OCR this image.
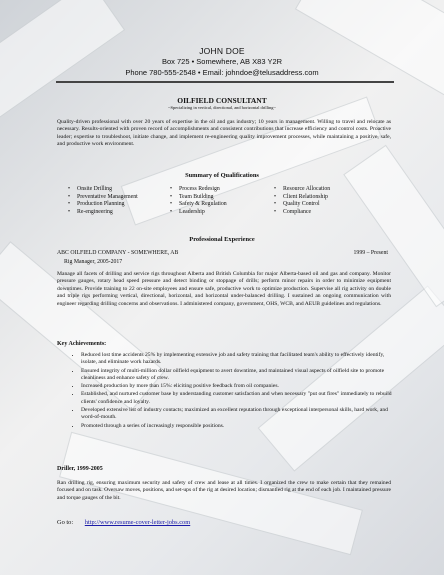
JOHN DOE
Box 725 • Somewhere, AB X83 Y2R
Phone 780-555-2548 • Email: johndoe@telusaddress.com
OILFIELD CONSULTANT
~Specializing in vertical, directional, and horizontal drilling~
Quality-driven professional with over 20 years of expertise in the oil and gas industry; 10 years in management. Willing to travel and relocate as necessary. Results-oriented with proven record of accomplishments and consistent contributions that increase efficiency and control costs. Proactive leader; expertise to troubleshoot, initiate change, and implement re-engineering quality improvement processes, while maintaining a positive, safe, and productive work environment.
Summary of Qualifications
• Onsite Drilling
• Preventative Management
• Production Planning
• Re-engineering
• Process Redesign
• Team Building
• Safety & Regulation
• Leadership
• Resource Allocation
• Client Relationship
• Quality Control
• Compliance
Professional Experience
ABC OILFIELD COMPANY - SOMEWHERE, AB	1999 – Present
Rig Manager, 2005-2017
Manage all facets of drilling and service rigs throughout Alberta and British Columbia for major Alberta-based oil and gas and company. Monitor pressure gauges, rotary head speed pressure and detect binding or stoppage of drills; perform minor repairs in order to minimize equipment downtimes. Provide training to 22 on-site employees and ensure safe, productive work to optimize production. Supervise all rig activity on double and triple rigs performing vertical, directional, horizontal, and horizontal under-balanced drilling. I sustained an ongoing communication with engineer regarding drilling concerns and observations. I administered company, government, OHS, WCB, and AEUB guidelines and regulations.
Key Achievements:
• Reduced lost time accidents 25% by implementing extensive job and safety training that facilitated team's ability to effectively identify, isolate, and eliminate work hazards.
• Ensured integrity of multi-million dollar oilfield equipment to avert downtime, and maintained visual aspects of oilfield site to promote cleanliness and enhance safety of crew.
• Increased production by more than 15%: eliciting positive feedback from oil companies.
• Established, and nurtured customer base by understanding customer satisfaction and when necessary "put out fires" immediately to rebuild clients' confidence and loyalty.
• Developed extensive list of industry contacts; maximized an excellent reputation through exceptional interpersonal skills, hard work, and word-of-mouth.
• Promoted through a series of increasingly responsible positions.
Driller, 1999-2005
Ran drilling rig, ensuring maximum security and safety of crew and lease at all times. I organized the crew to make certain that they remained focused and on task. Oversaw moves, positions, and set-ups of the rig at desired location; dismantled rig at the end of each job. I maintained pressure and torque gauges of the bit.
Go to: http://www.resume-cover-letter-jobs.com
